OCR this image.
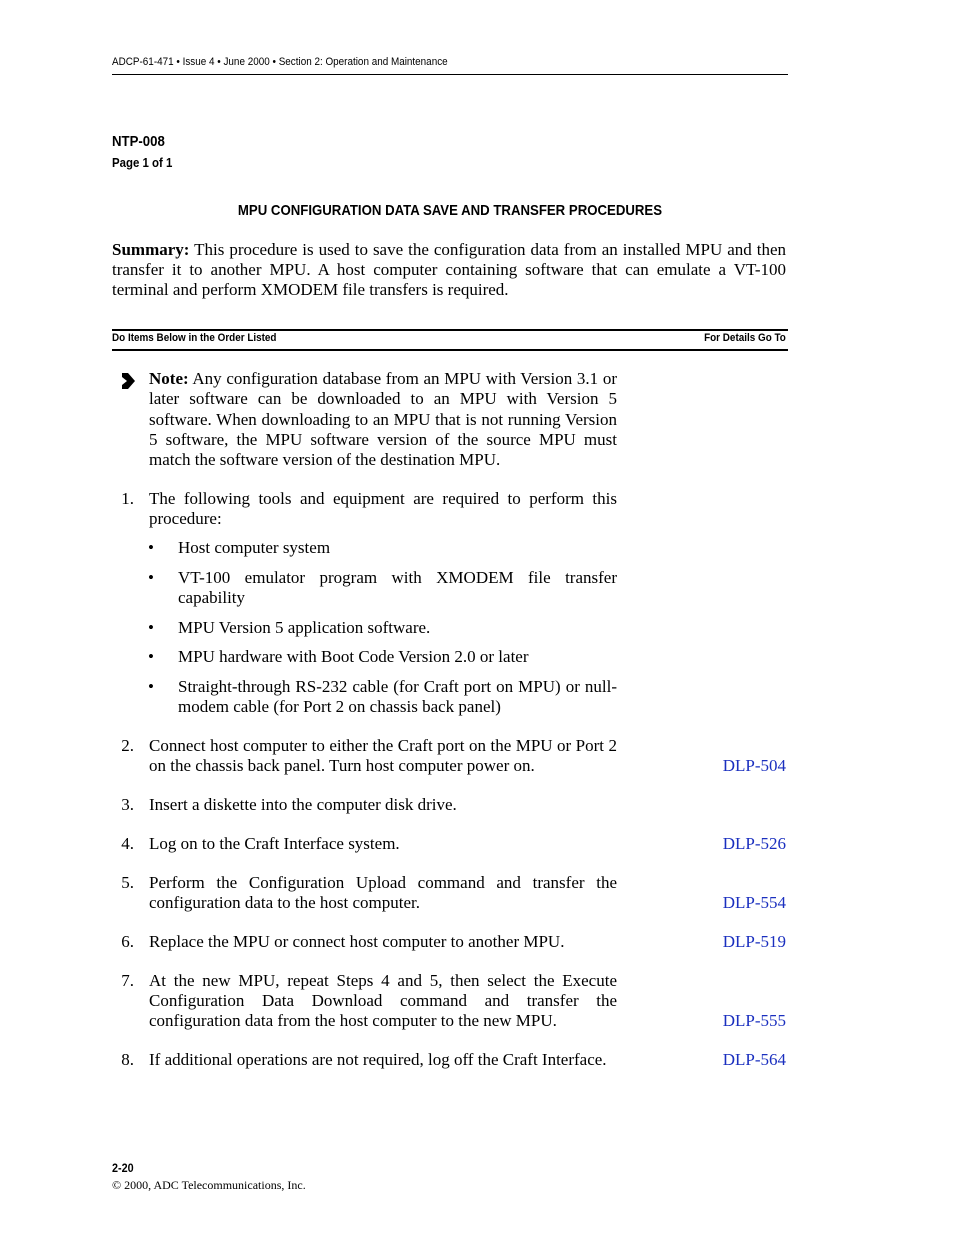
ADCP-61-471 • Issue 4 • June 2000 • Section 2: Operation and Maintenance
NTP-008
Page 1 of 1
MPU CONFIGURATION DATA SAVE AND TRANSFER PROCEDURES
Summary: This procedure is used to save the configuration data from an installed MPU and then transfer it to another MPU. A host computer containing software that can emulate a VT-100 terminal and perform XMODEM file transfers is required.
Do Items Below in the Order Listed	For Details Go To
Note: Any configuration database from an MPU with Version 3.1 or later software can be downloaded to an MPU with Version 5 software. When downloading to an MPU that is not running Version 5 software, the MPU software version of the source MPU must match the software version of the destination MPU.
1. The following tools and equipment are required to perform this procedure:
• Host computer system
• VT-100 emulator program with XMODEM file transfer capability
• MPU Version 5 application software.
• MPU hardware with Boot Code Version 2.0 or later
• Straight-through RS-232 cable (for Craft port on MPU) or null-modem cable (for Port 2 on chassis back panel)
2. Connect host computer to either the Craft port on the MPU or Port 2 on the chassis back panel. Turn host computer power on.	DLP-504
3. Insert a diskette into the computer disk drive.
4. Log on to the Craft Interface system.	DLP-526
5. Perform the Configuration Upload command and transfer the configuration data to the host computer.	DLP-554
6. Replace the MPU or connect host computer to another MPU.	DLP-519
7. At the new MPU, repeat Steps 4 and 5, then select the Execute Configuration Data Download command and transfer the configuration data from the host computer to the new MPU.	DLP-555
8. If additional operations are not required, log off the Craft Interface.	DLP-564
2-20
© 2000, ADC Telecommunications, Inc.
